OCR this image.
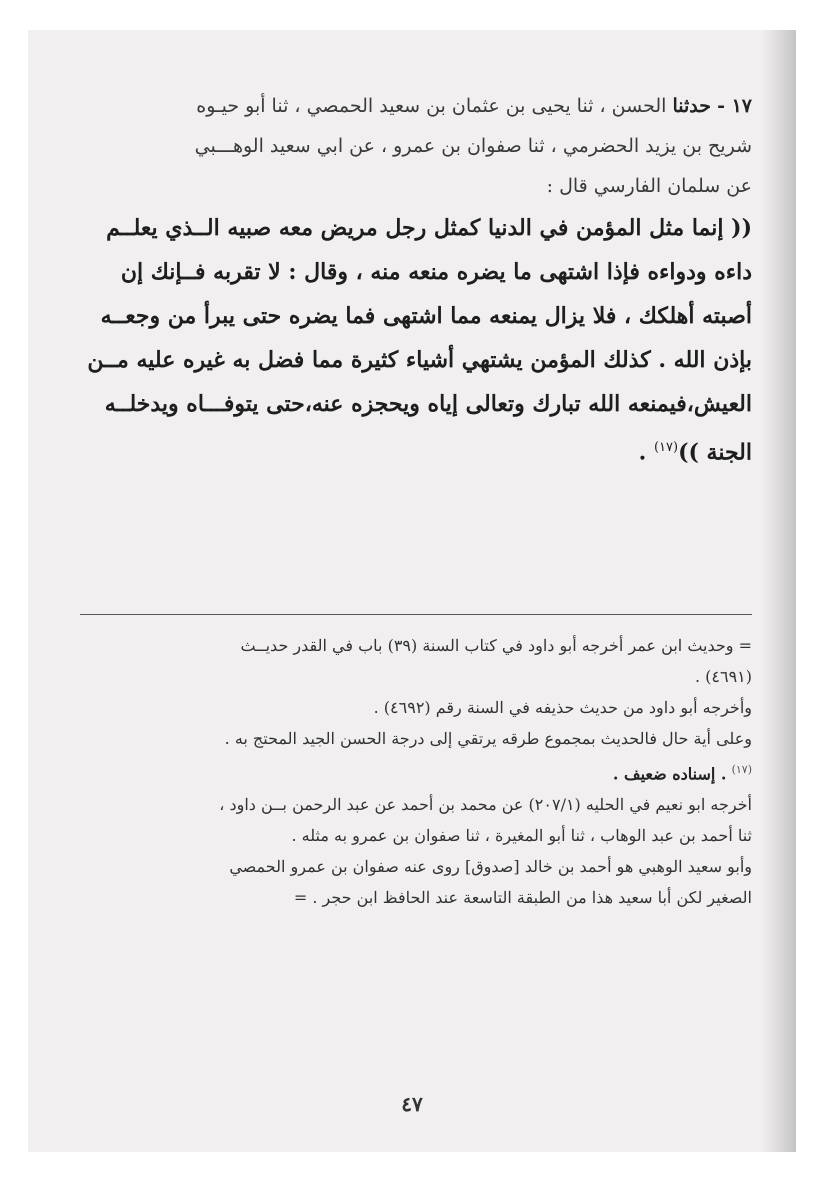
١٧ - حدثنا الحسن ، ثنا يحيى بن عثمان بن سعيد الحمصي ، ثنا أبو حيـوه
شريح بن يزيد الحضرمي ، ثنا صفوان بن عمرو ، عن ابي سعيد الوهـــبي
عن سلمان الفارسي قال :
(( إنما مثل المؤمن في الدنيا كمثل رجل مريض معه صبيه الــذي يعلــم
داءه ودواءه فإذا اشتهى ما يضره منعه منه ، وقال : لا تقربه فــإنك إن
أصبته أهلكك ، فلا يزال يمنعه مما اشتهى فما يضره حتى يبرأ من وجعــه
بإذن الله . كذلك المؤمن يشتهي أشياء كثيرة مما فضل به غيره عليه مــن
العيش،فيمنعه الله تبارك وتعالى إياه ويحجزه عنه،حتى يتوفـــاه ويدخلــه
الجنة ))$^{(١٧)}$ .
= وحديث ابن عمر أخرجه أبو داود في كتاب السنة (٣٩) باب في القدر حديــث
(٤٦٩١) .
وأخرجه أبو داود من حديث حذيفه في السنة رقم (٤٦٩٢) .
وعلى أية حال فالحديث بمجموع طرقه يرتقي إلى درجة الحسن الجيد المحتج به .
$^{(١٧)}$ . إسناده ضعيف .
أخرجه ابو نعيم في الحليه (٢٠٧/١) عن محمد بن أحمد عن عبد الرحمن بــن داود ،
ثنا أحمد بن عبد الوهاب ، ثنا أبو المغيرة ، ثنا صفوان بن عمرو به مثله .
وأبو سعيد الوهبي هو أحمد بن خالد [صدوق] روى عنه صفوان بن عمرو الحمصي
الصغير لكن أبا سعيد هذا من الطبقة التاسعة عند الحافظ ابن حجر . =
٤٧
